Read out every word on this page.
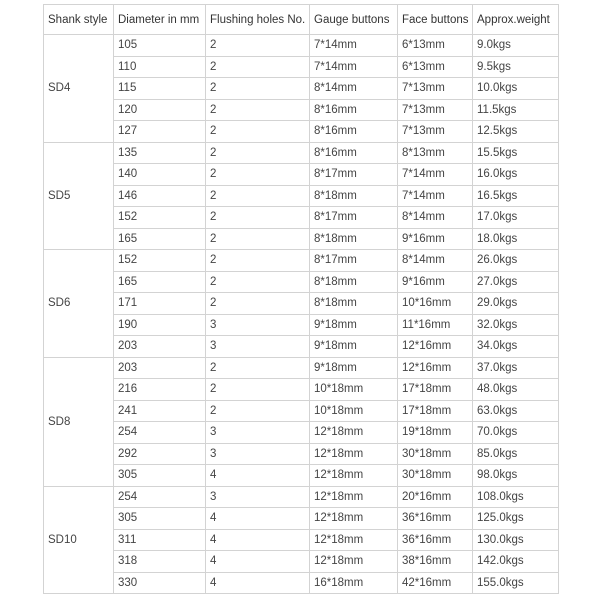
Shank style	Diameter in mm	Flushing holes No.	Gauge buttons	Face buttons	Approx.weight
SD4	105	2	7*14mm	6*13mm	9.0kgs
	110	2	7*14mm	6*13mm	9.5kgs
	115	2	8*14mm	7*13mm	10.0kgs
	120	2	8*16mm	7*13mm	11.5kgs
	127	2	8*16mm	7*13mm	12.5kgs
SD5	135	2	8*16mm	8*13mm	15.5kgs
	140	2	8*17mm	7*14mm	16.0kgs
	146	2	8*18mm	7*14mm	16.5kgs
	152	2	8*17mm	8*14mm	17.0kgs
	165	2	8*18mm	9*16mm	18.0kgs
SD6	152	2	8*17mm	8*14mm	26.0kgs
	165	2	8*18mm	9*16mm	27.0kgs
	171	2	8*18mm	10*16mm	29.0kgs
	190	3	9*18mm	11*16mm	32.0kgs
	203	3	9*18mm	12*16mm	34.0kgs
SD8	203	2	9*18mm	12*16mm	37.0kgs
	216	2	10*18mm	17*18mm	48.0kgs
	241	2	10*18mm	17*18mm	63.0kgs
	254	3	12*18mm	19*18mm	70.0kgs
	292	3	12*18mm	30*18mm	85.0kgs
	305	4	12*18mm	30*18mm	98.0kgs
SD10	254	3	12*18mm	20*16mm	108.0kgs
	305	4	12*18mm	36*16mm	125.0kgs
	311	4	12*18mm	36*16mm	130.0kgs
	318	4	12*18mm	38*16mm	142.0kgs
	330	4	16*18mm	42*16mm	155.0kgs
